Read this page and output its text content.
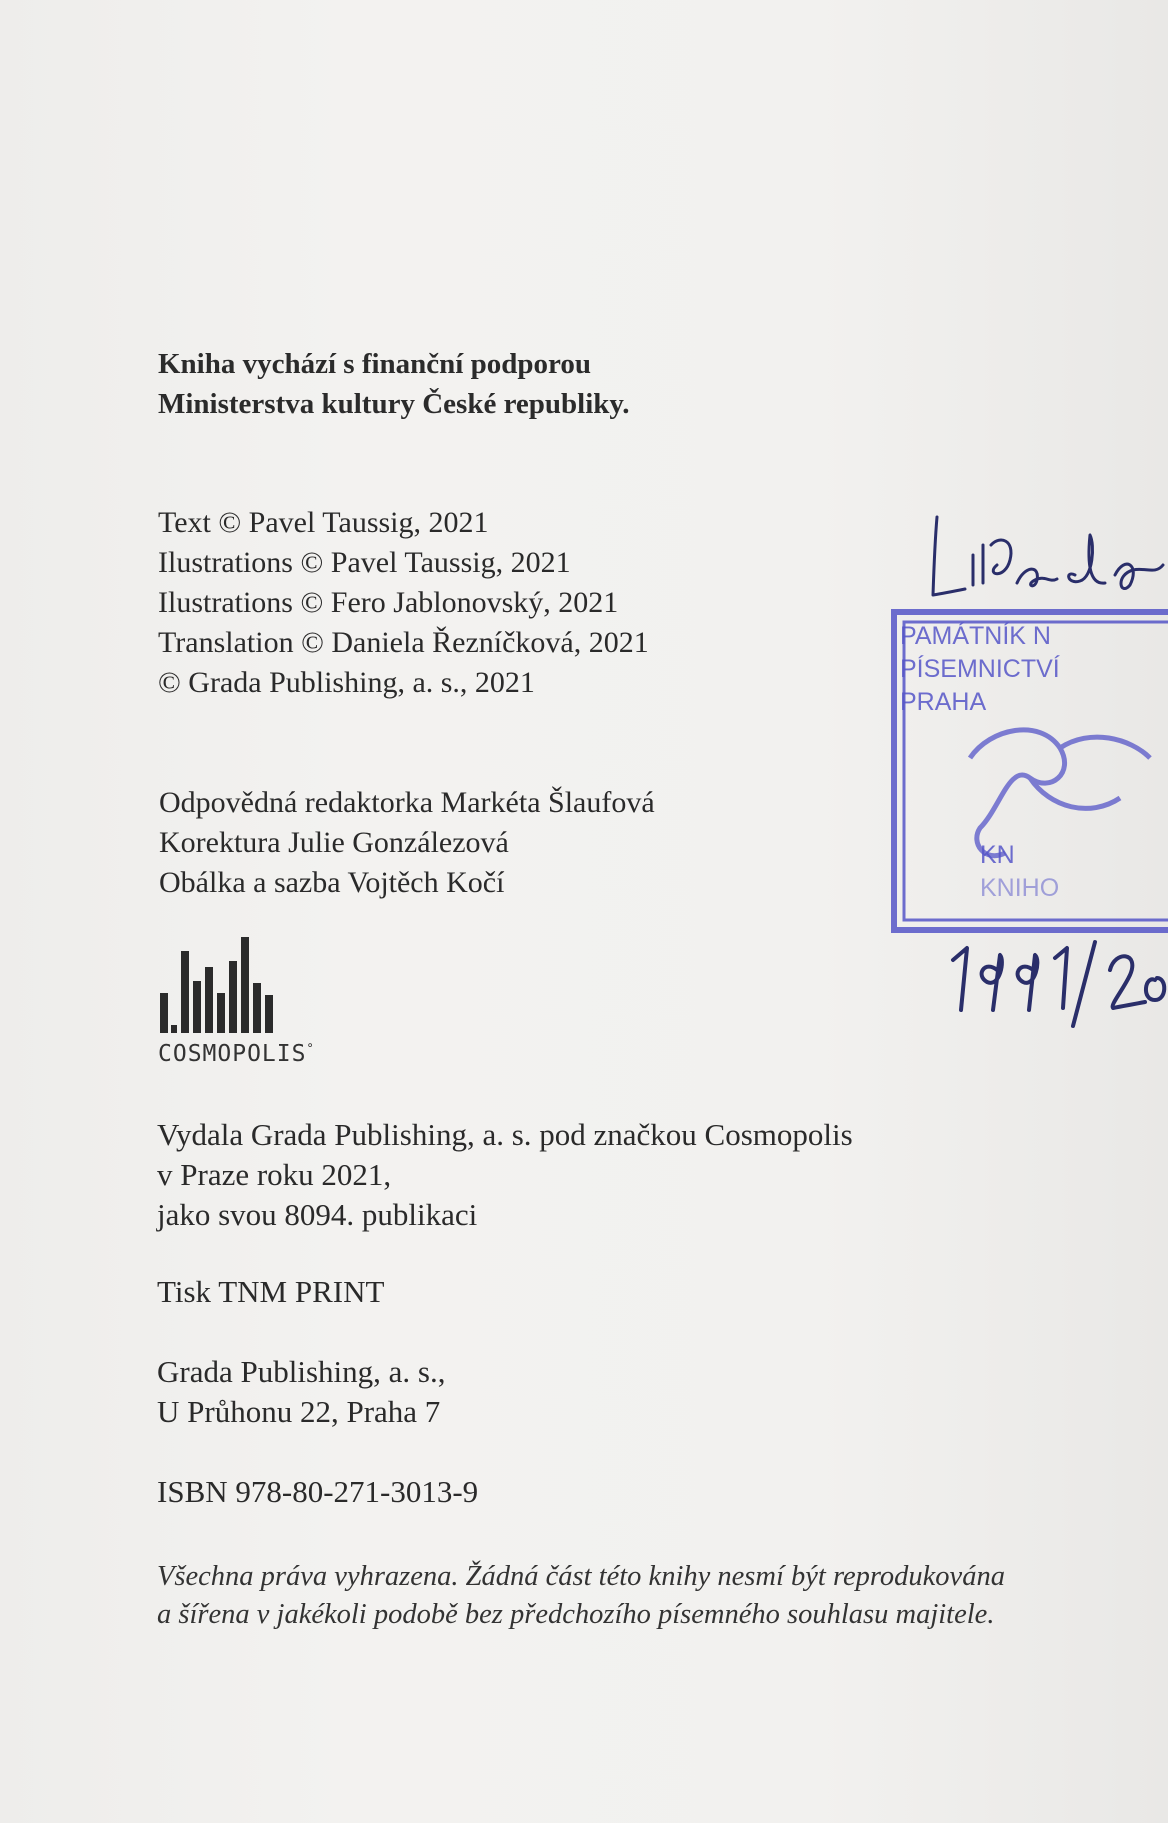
Kniha vychází s finanční podporou
Ministerstva kultury České republiky.
Text © Pavel Taussig, 2021
Ilustrations © Pavel Taussig, 2021
Ilustrations © Fero Jablonovský, 2021
Translation © Daniela Řezníčková, 2021
© Grada Publishing, a. s., 2021
Odpovědná redaktorka Markéta Šlaufová
Korektura Julie Gonzálezová
Obálka a sazba Vojtěch Kočí
COSMOPOLIS°
Vydala Grada Publishing, a. s. pod značkou Cosmopolis
v Praze roku 2021,
jako svou 8094. publikaci
Tisk TNM PRINT
Grada Publishing, a. s.,
U Průhonu 22, Praha 7
ISBN 978-80-271-3013-9
Všechna práva vyhrazena. Žádná část této knihy nesmí být reprodukována
a šířena v jakékoli podobě bez předchozího písemného souhlasu majitele.
PAMÁTNÍK N
PÍSEMNICTVÍ
PRAHA
KN
KNIHO
